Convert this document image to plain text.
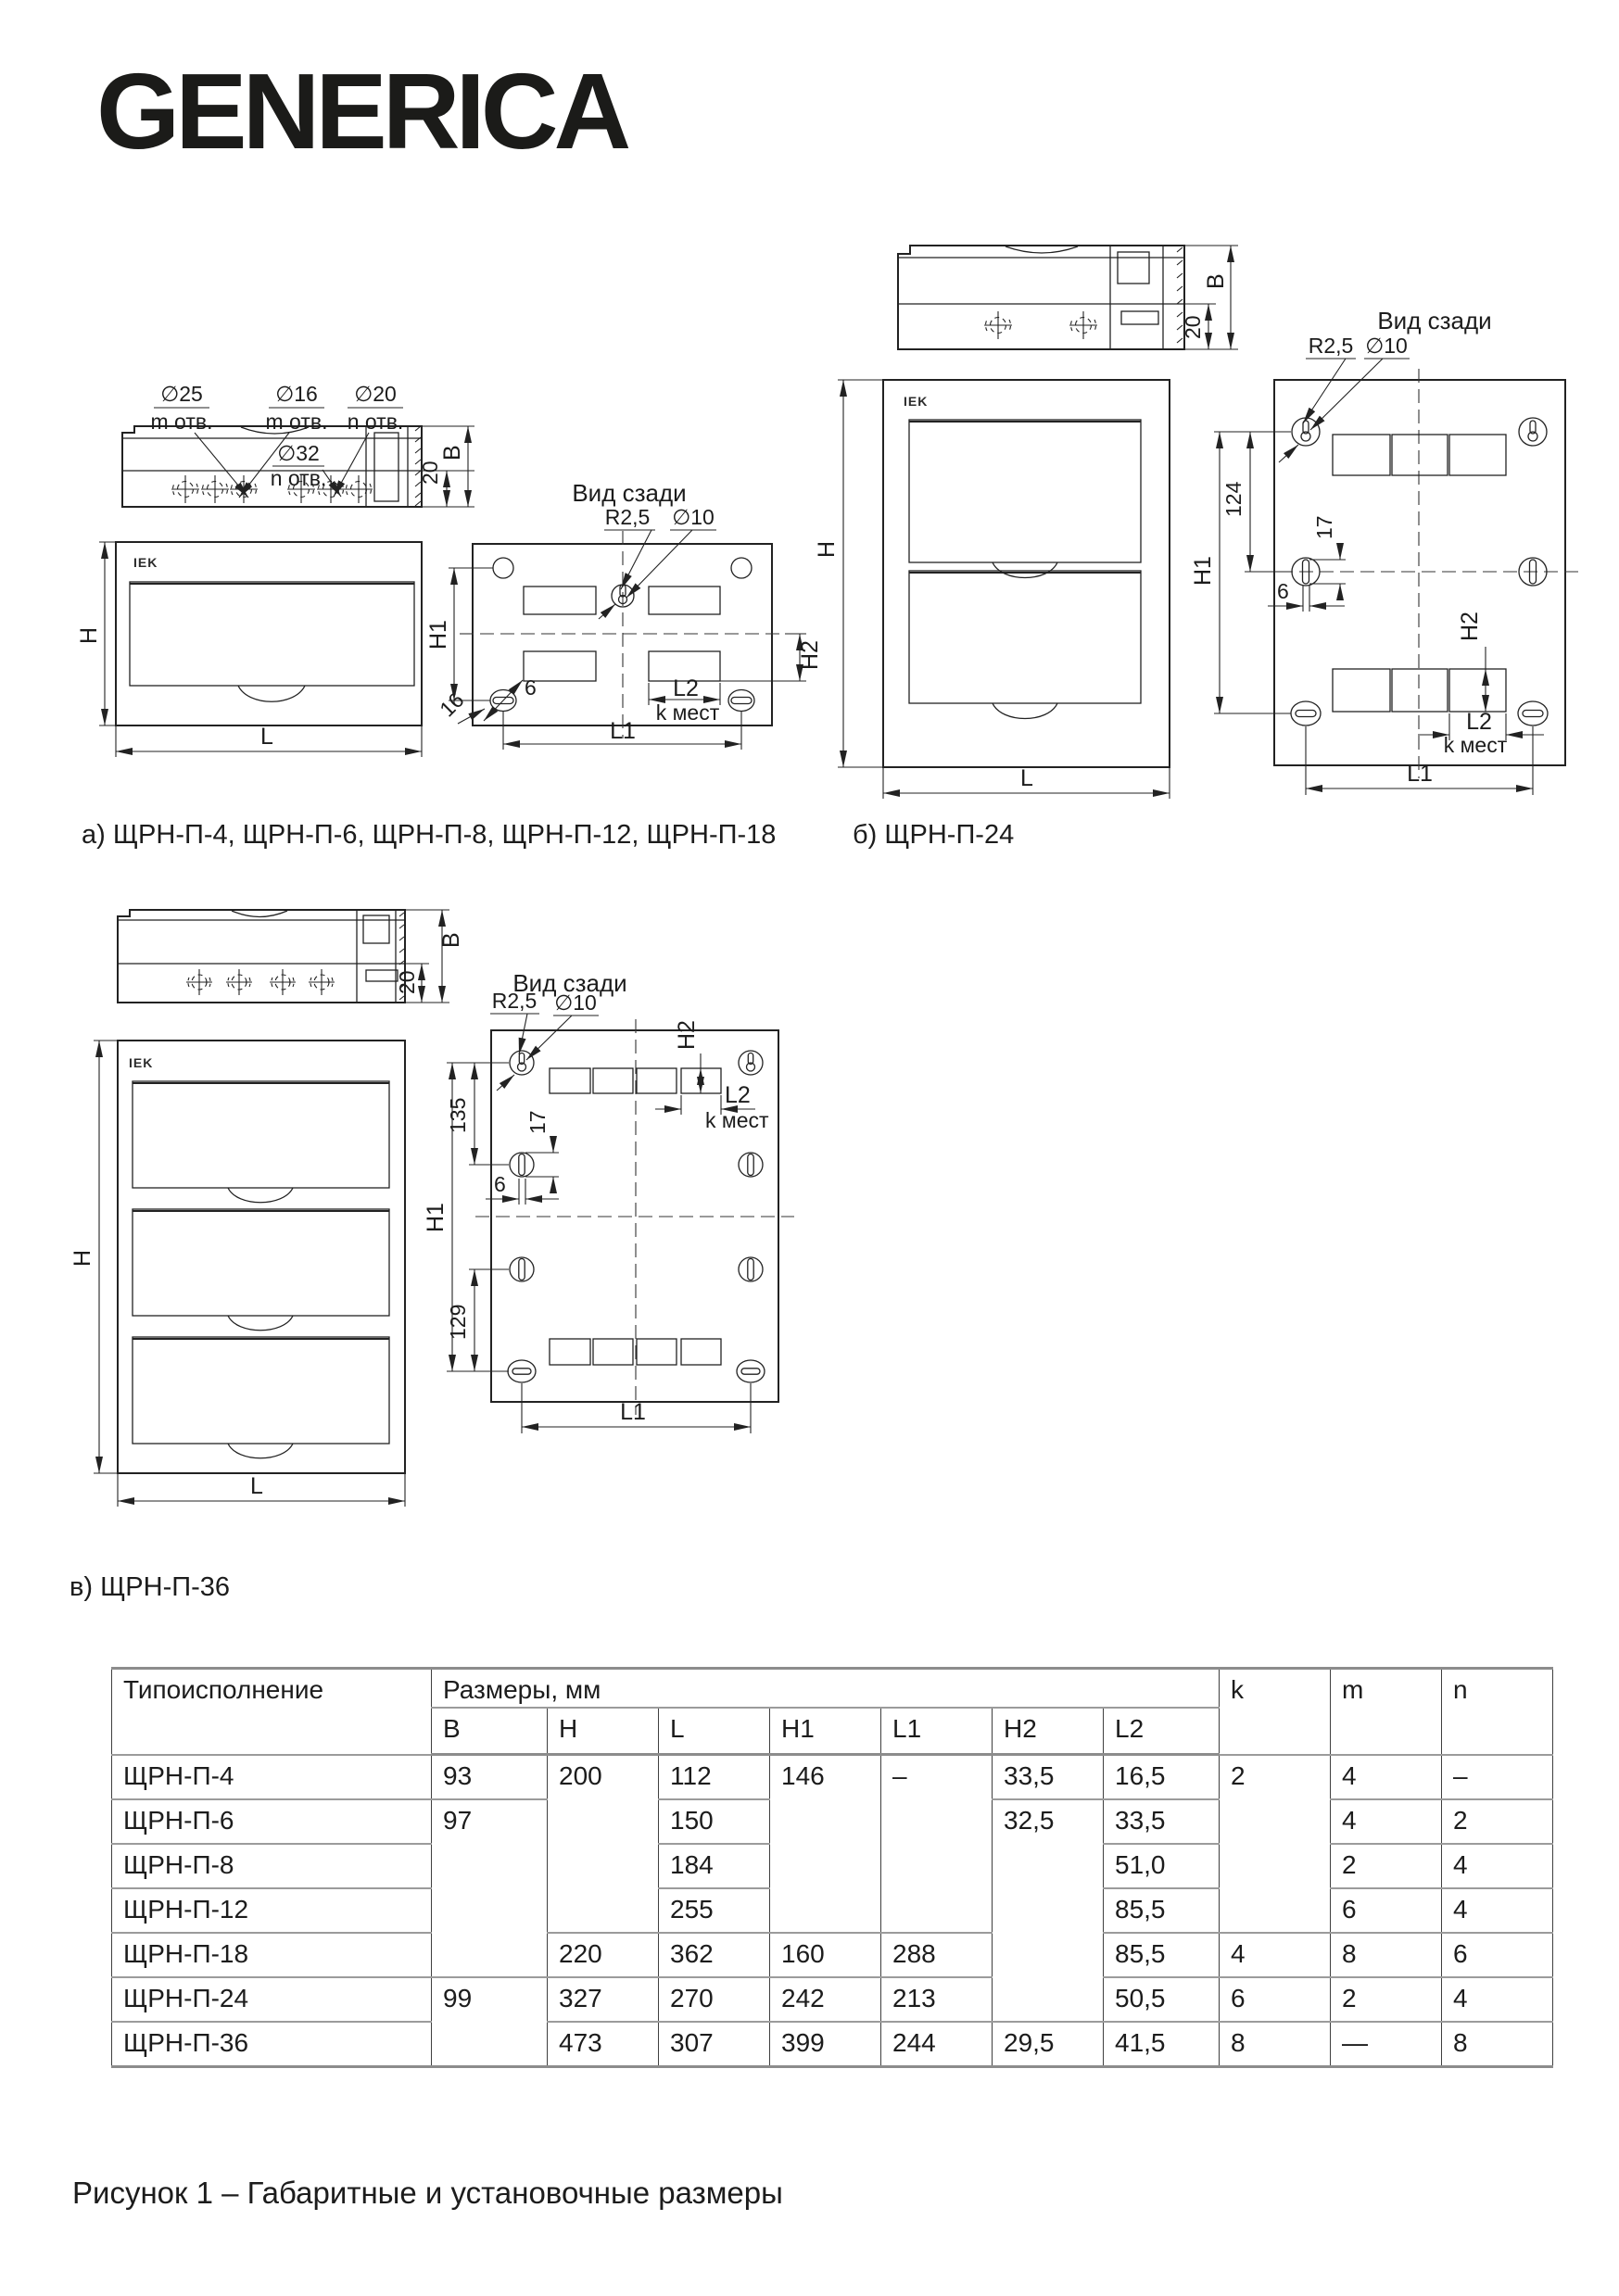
GENERICA
∅25
m отв.
∅16
m отв.
∅20
n отв.
∅32
n отв.	20
B
IEK
H
L
Вид сзади
R2,5 ∅10
H1
H2
L2
k мест
L1
6
16
а) ЩРН-П-4, ЩРН-П-6, ЩРН-П-8, ЩРН-П-12, ЩРН-П-18
20
B
Вид сзади
IEK
H
L
R2,5 ∅10
H1
124
17
6
H2
L2
k мест
L1
б) ЩРН-П-24
20
B
Вид сзади
IEK
H
L
R2,5 ∅10
H1
135
129
17
6
H2
L2
k мест
L1
в) ЩРН-П-36
Типоисполнение	Размеры, мм							k	m	n
	B	H	L	H1	L1	H2	L2			
ЩРН-П-4	93	200	112	146	–	33,5	16,5	2	4	–
ЩРН-П-6	97		150			32,5	33,5		4	2
ЩРН-П-8			184				51,0		2	4
ЩРН-П-12			255				85,5		6	4
ЩРН-П-18		220	362	160	288		85,5	4	8	6
ЩРН-П-24	99	327	270	242	213		50,5	6	2	4
ЩРН-П-36		473	307	399	244	29,5	41,5	8	—	8
Рисунок 1 – Габаритные и установочные размеры
